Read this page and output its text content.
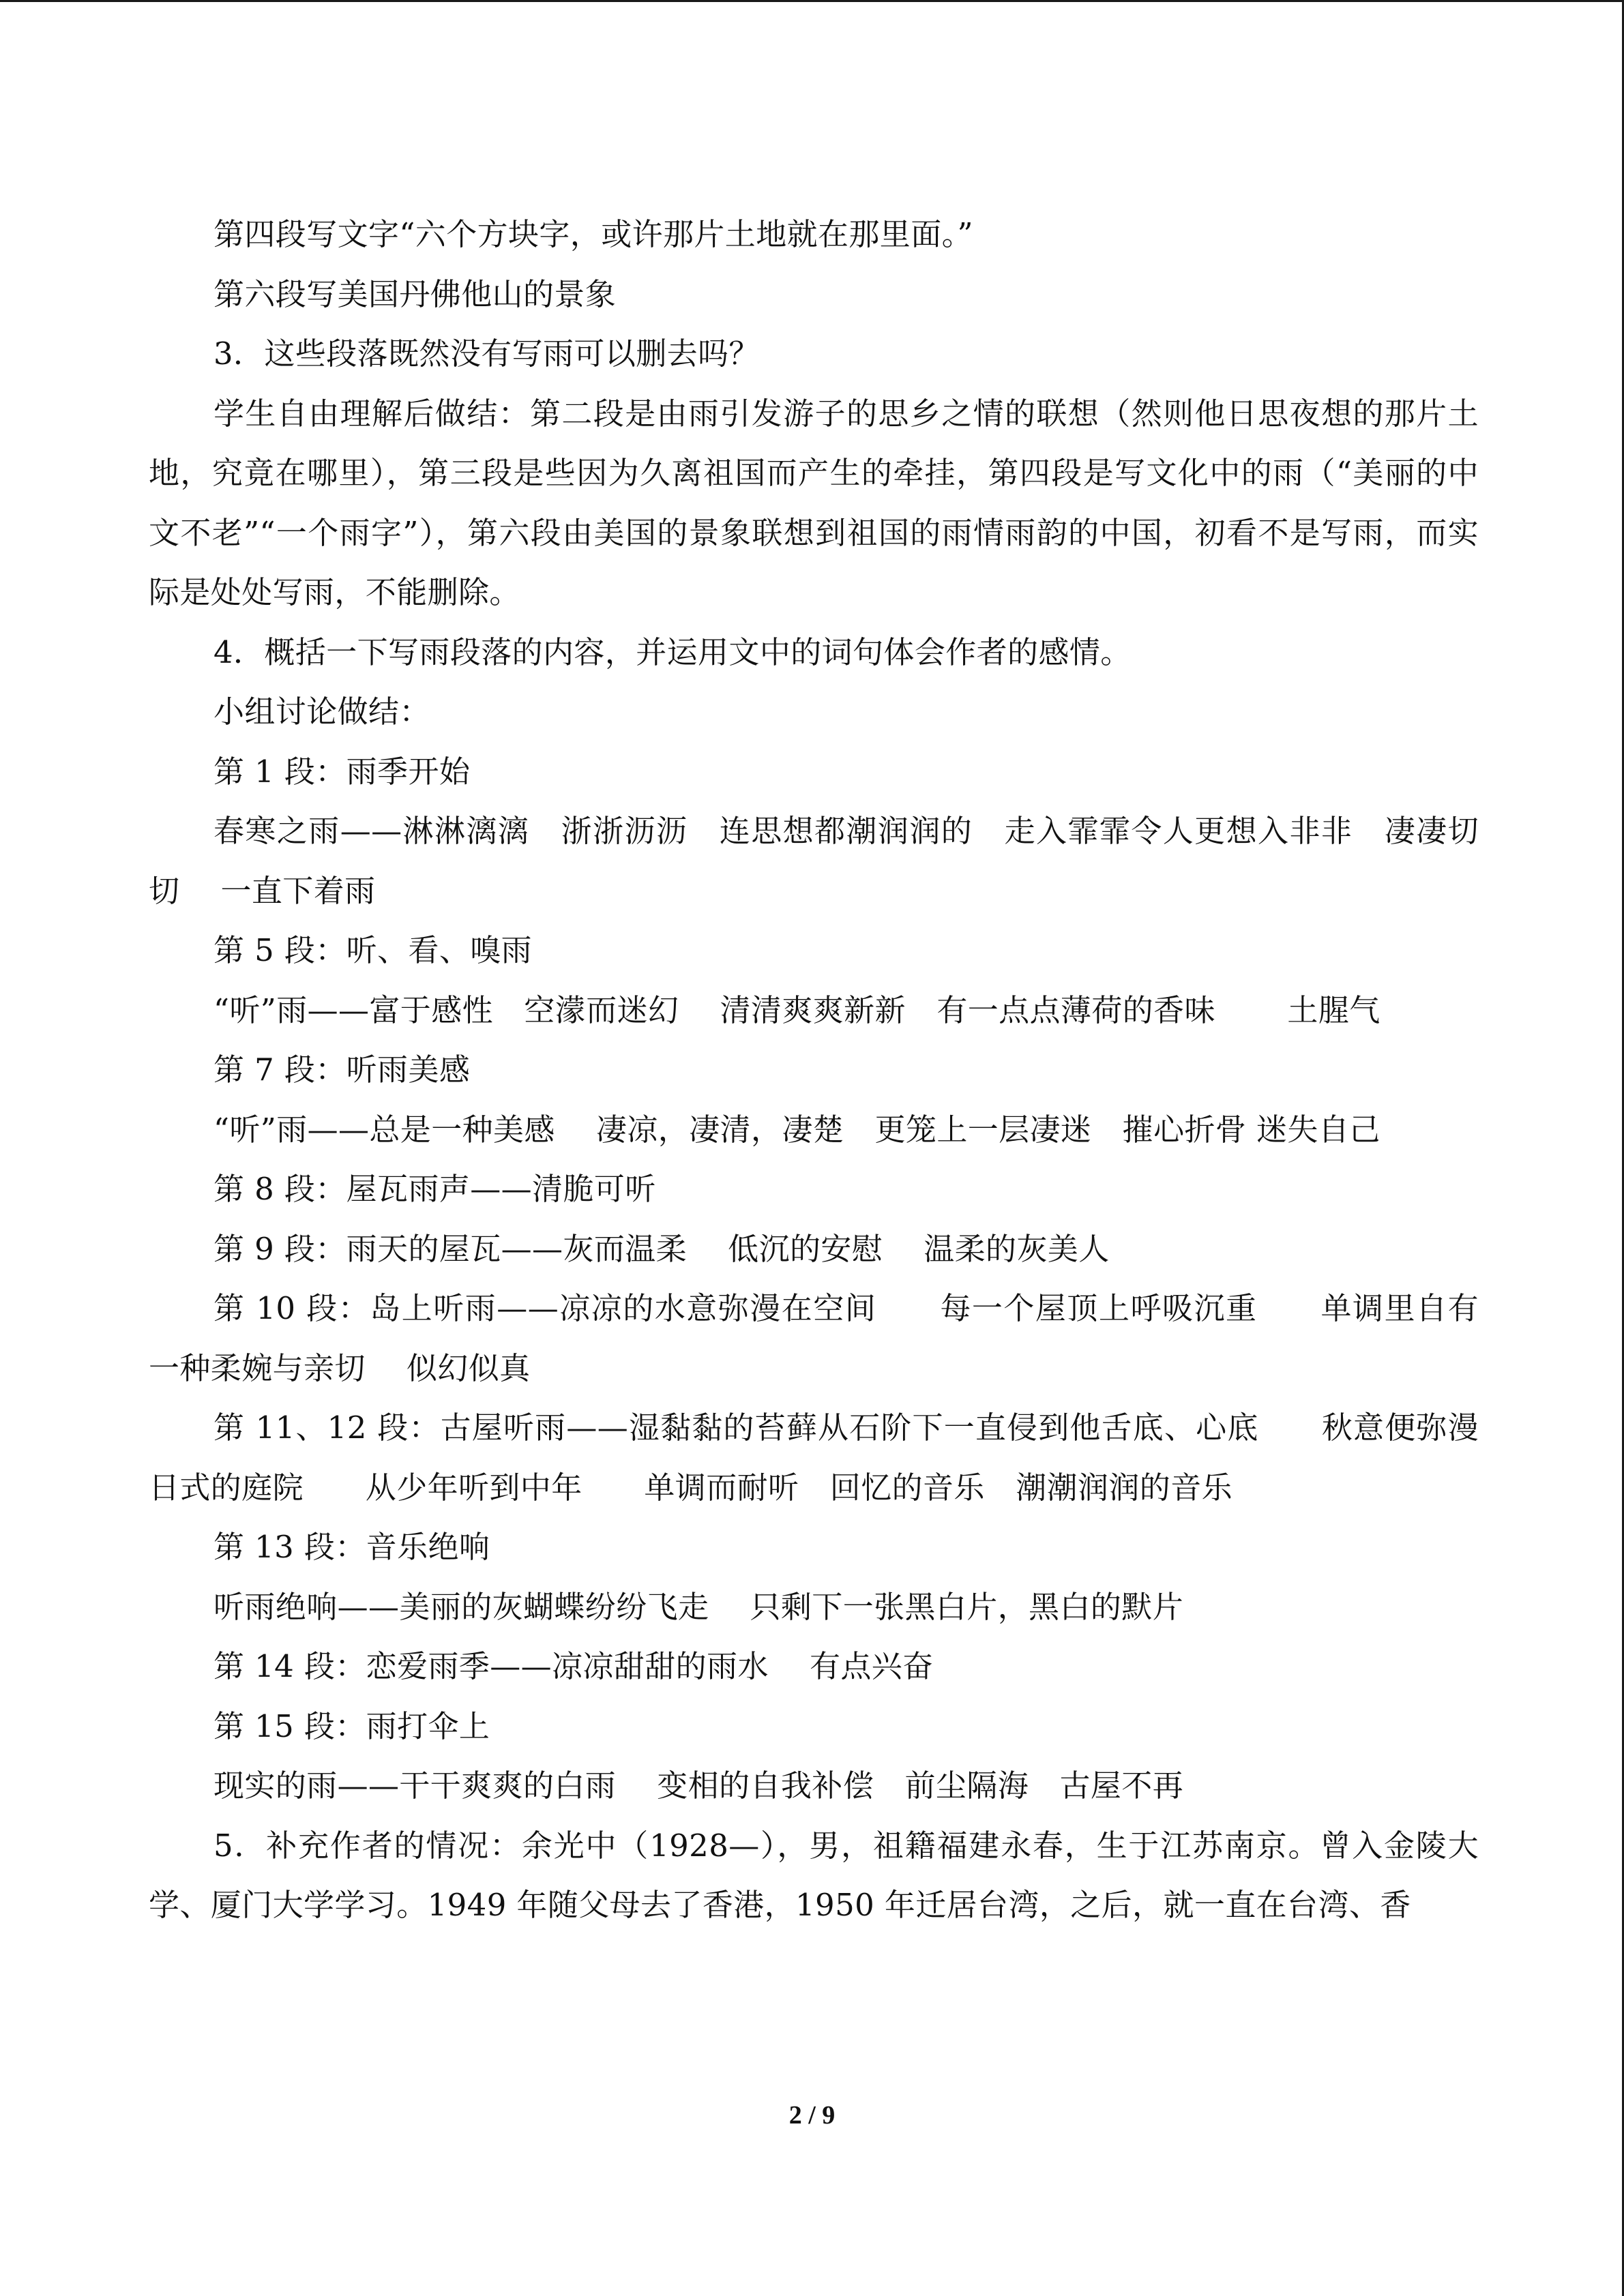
第四段写文字“六个方块字，或许那片土地就在那里面。”

第六段写美国丹佛他山的景象

3．这些段落既然没有写雨可以删去吗？

学生自由理解后做结：第二段是由雨引发游子的思乡之情的联想（然则他日思夜想的那片土地，究竟在哪里），第三段是些因为久离祖国而产生的牵挂，第四段是写文化中的雨（“美丽的中文不老”“一个雨字”），第六段由美国的景象联想到祖国的雨情雨韵的中国，初看不是写雨，而实际是处处写雨，不能删除。

4．概括一下写雨段落的内容，并运用文中的词句体会作者的感情。

小组讨论做结：

第 1 段：雨季开始

春寒之雨——淋淋漓漓　浙浙沥沥　连思想都潮润润的　走入霏霏令人更想入非非　凄凄切切　 一直下着雨

第 5 段：听、看、嗅雨

“听”雨——富于感性　空濛而迷幻　 清清爽爽新新　有一点点薄荷的香味　　 土腥气

第 7 段：听雨美感

“听”雨——总是一种美感　 凄凉，凄清，凄楚　更笼上一层凄迷　摧心折骨 迷失自己

第 8 段：屋瓦雨声——清脆可听

第 9 段：雨天的屋瓦——灰而温柔　 低沉的安慰　 温柔的灰美人

第 10 段：岛上听雨——凉凉的水意弥漫在空间　　每一个屋顶上呼吸沉重　　单调里自有一种柔婉与亲切　 似幻似真

第 11、12 段：古屋听雨——湿黏黏的苔藓从石阶下一直侵到他舌底、心底　　秋意便弥漫日式的庭院　　从少年听到中年　　单调而耐听　回忆的音乐　潮潮润润的音乐

第 13 段：音乐绝响

听雨绝响——美丽的灰蝴蝶纷纷飞走　 只剩下一张黑白片，黑白的默片

第 14 段：恋爱雨季——凉凉甜甜的雨水　 有点兴奋

第 15 段：雨打伞上

现实的雨——干干爽爽的白雨　 变相的自我补偿　前尘隔海　古屋不再

5．补充作者的情况：余光中（1928—），男，祖籍福建永春，生于江苏南京。曾入金陵大学、厦门大学学习。1949 年随父母去了香港，1950 年迁居台湾，之后，就一直在台湾、香

2 / 9
